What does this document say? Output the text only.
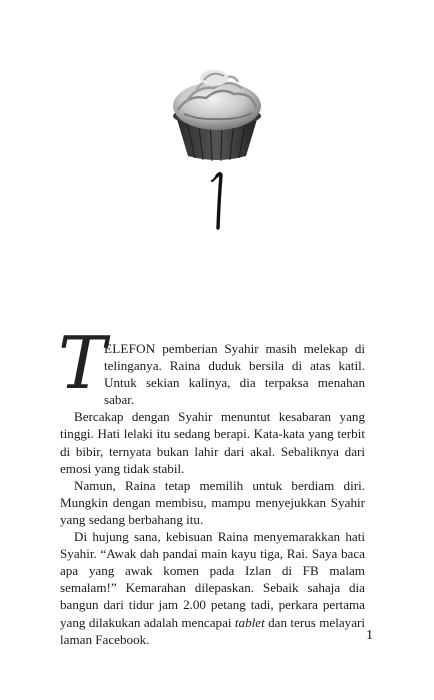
T
ELEFON pemberian Syahir masih melekap di telinganya. Raina duduk bersila di atas katil. Untuk sekian kalinya, dia terpaksa menahan sabar.

Bercakap dengan Syahir menuntut kesabaran yang tinggi. Hati lelaki itu sedang berapi. Kata-kata yang terbit di bibir, ternyata bukan lahir dari akal. Sebaliknya dari emosi yang tidak stabil.

Namun, Raina tetap memilih untuk berdiam diri. Mungkin dengan membisu, mampu menyejukkan Syahir yang sedang berbahang itu.

Di hujung sana, kebisuan Raina menyemarakkan hati Syahir. “Awak dah pandai main kayu tiga, Rai. Saya baca apa yang awak komen pada Izlan di FB malam semalam!” Kemarahan dilepaskan. Sebaik sahaja dia bangun dari tidur jam 2.00 petang tadi, perkara pertama yang dilakukan adalah mencapai tablet dan terus melayari laman Facebook.	1
